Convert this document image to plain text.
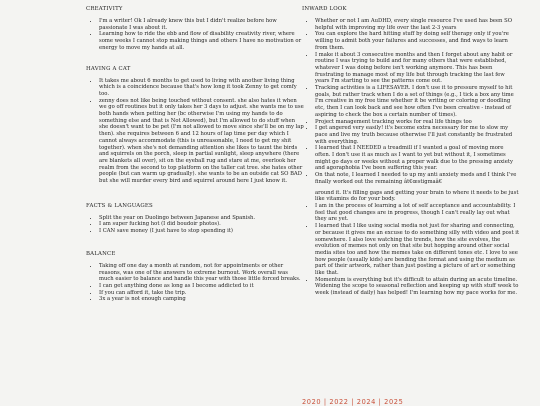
CREATIVITY
• I'm a writer! Ok I already knew this but I didn't realize before how passionate I was about it.
• Learning how to ride the ebb and flow of disability creativity river, where some weeks I cannot stop making things and others I have no motivation or energy to move my hands at all.
HAVING A CAT
• It takes me about 6 months to get used to living with another living thing which is a coincidence because that's how long it took Zenny to get comfy too.
• zenny does not like being touched without consent. she also hates it when we go off routines but it only takes her 3 days to adjust. she wants me to use both hands when petting her (bc otherwise I'm using my hands to do something else and that is Not Allowed), but I'm allowed to do stuff when she doesn't want to be pet (I'm not allowed to move since she'll be on my lap then). she requires between 6 and 12 hours of lap time per day which I cannot always accommodate (this is unreasonable, I need to get my shit together). when she's not demanding attention she likes to taunt the birds and squirrels on the porch, sleep in partial sunlight, sleep anywhere (there are blankets all over), sit on the eyeball rug and stare at me, overlook her realm from the second to top platform on the taller cat tree. she hates other people (but can warm up gradually). she wants to be an outside cat SO BAD but she will murder every bird and squirrel around here I just know it.
FACTS & LANGUAGES
• Split the year on Duolingo between Japanese and Spanish.
• I am super fucking hot (I did boudoir photos).
• I CAN save money (I just have to stop spending it)
BALANCE
• Taking off one day a month at random, not for appointments or other reasons, was one of the answers to extreme burnout. Work overall was much easier to balance and handle this year with those little forced breaks.
• I can get anything done as long as I become addicted to it
• If you can afford it, take the trip.
• 3x a year is not enough camping
INWARD LOOK
• Whether or not I am AuDHD, every single resource I've used has been SO helpful with improving my life over the last 2-3 years
• You can explore the hard hitting stuff by doing self therapy only if you're willing to admit both your failures and successes, and find ways to learn from them.
• I make it about 3 consecutive months and then I forget about any habit or routine I was trying to build and for many others that were established, whatever I was doing before isn't working anymore. This has been frustrating to manage most of my life but through tracking the last few years I'm starting to see the patterns come out.
• Tracking activities is a LIFESAVER. I don't use it to pressure myself to hit goals, but rather track when I do a set of things (e.g., I tick a box any time I'm creative in my free time whether it be writing or coloring or doodling etc, then I can look back and see how often I've been creative - instead of aspiring to check the box a certain number of times).
• Project management tracking works for real life things too
• I get angered very easily! it's become extra necessary for me to slow my pace and live my truth because otherwise I'll just constantly be frustrated with everything.
• I learned that I NEEDED a treadmill if I wanted a goal of moving more often. I don't use it as much as I want to yet but without it, I sometimes might go days or weeks without a proper walk due to the pressing anxiety and agoraphobia I've been suffering this year.
• On that note, I learned I needed to up my anti anxiety meds and I think I've finally worked out the remaining ât€œstigmaâ€
around it. It's filling gaps and getting your brain to where it needs to be just like vitamins do for your body.
• I am in the process of learning a lot of self acceptance and accountability. I feel that good changes are in progress, though I can't really lay out what they are yet.
• I learned that I like using social media not just for sharing and connecting, or because it gives me an excuse to do something silly with video and post it somewhere. I also love watching the trends, how the site evolves, the evolution of memes not only on that site but hopping around other social media sites too and how the memes take on different tones etc. I love to see how people (usually kids) are bending the format and using the medium as part of their artwork, rather than just posting a picture of art or something like that.
• Momentum is everything but it's difficult to attain during an acute timeline. Widening the scope to seasonal reflection and keeping up with stuff week to week (instead of daily) has helped! I'm learning how my pace works for me.
2020 | 2022 | 2024 | 2025
